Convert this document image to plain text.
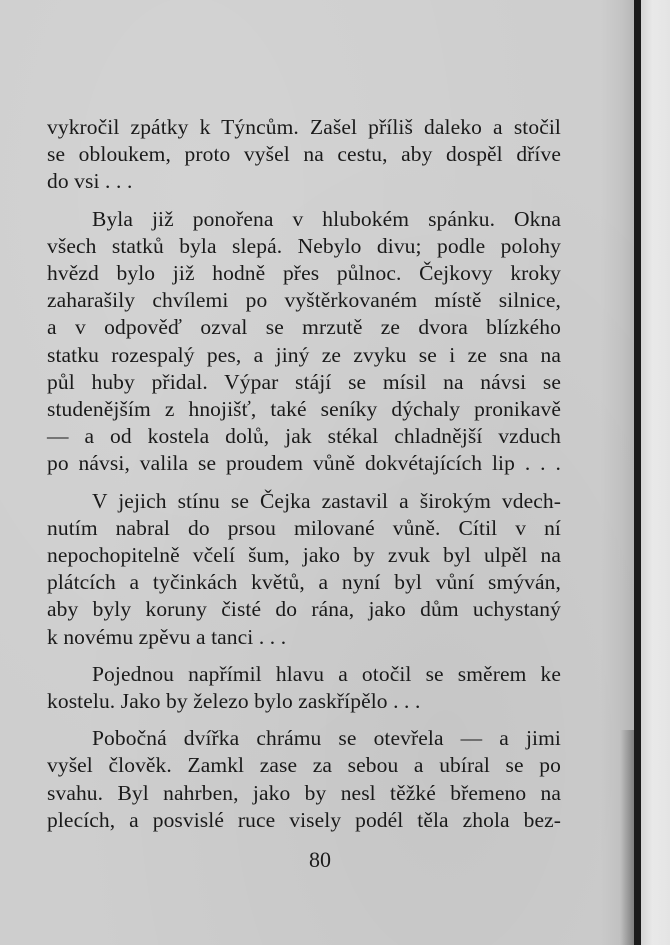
vykročil zpátky k Týncům. Zašel příliš daleko a stočil
se obloukem, proto vyšel na cestu, aby dospěl dříve
do vsi . . .

Byla již ponořena v hlubokém spánku. Okna
všech statků byla slepá. Nebylo divu; podle polohy
hvězd bylo již hodně přes půlnoc. Čejkovy kroky
zaharašily chvílemi po vyštěrkovaném místě silnice,
a v odpověď ozval se mrzutě ze dvora blízkého
statku rozespalý pes, a jiný ze zvyku se i ze sna na
půl huby přidal. Výpar stájí se mísil na návsi se
studenějším z hnojišť, také seníky dýchaly pronikavě
— a od kostela dolů, jak stékal chladnější vzduch
po návsi, valila se proudem vůně dokvétajících lip . . .

V jejich stínu se Čejka zastavil a širokým vdech-
nutím nabral do prsou milované vůně. Cítil v ní
nepochopitelně včelí šum, jako by zvuk byl ulpěl na
plátcích a tyčinkách květů, a nyní byl vůní smýván,
aby byly koruny čisté do rána, jako dům uchystaný
k novému zpěvu a tanci . . .

Pojednou napřímil hlavu a otočil se směrem ke
kostelu. Jako by železo bylo zaskřípělo . . .

Pobočná dvířka chrámu se otevřela — a jimi
vyšel člověk. Zamkl zase za sebou a ubíral se po
svahu. Byl nahrben, jako by nesl těžké břemeno na
plecích, a posvislé ruce visely podél těla zhola bez-

80
